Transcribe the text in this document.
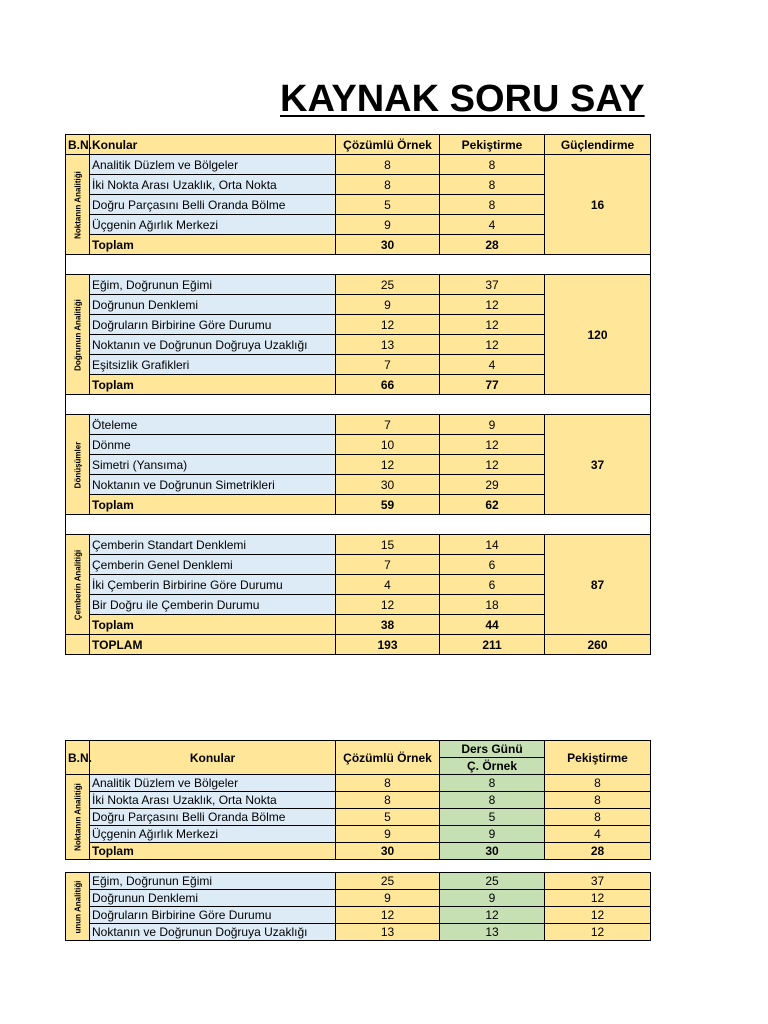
KAYNAK SORU SAY
B.N.	Konular	Çözümlü Örnek	Pekiştirme	Güçlendirme

Noktanın Analitiği	Analitik Düzlem ve Bölgeler	8	8	16
	İki Nokta Arası Uzaklık, Orta Nokta	8	8	
	Doğru Parçasını Belli Oranda Bölme	5	8	
	Üçgenin Ağırlık Merkezi	9	4	
	Toplam	30	28	

Doğrunun Analitiği	Eğim, Doğrunun Eğimi	25	37	120
	Doğrunun Denklemi	9	12	
	Doğruların Birbirine Göre Durumu	12	12	
	Noktanın ve Doğrunun Doğruya Uzaklığı	13	12	
	Eşitsizlik Grafikleri	7	4	
	Toplam	66	77	

Dönüşümler	Öteleme	7	9	37
	Dönme	10	12	
	Simetri (Yansıma)	12	12	
	Noktanın ve Doğrunun Simetrikleri	30	29	
	Toplam	59	62	

Çemberin Analitiği	Çemberin Standart Denklemi	15	14	87
	Çemberin Genel Denklemi	7	6	
	İki Çemberin Birbirine Göre Durumu	4	6	
	Bir Doğru ile Çemberin Durumu	12	18	
	Toplam	38	44	
	TOPLAM	193	211	260
B.N.	Konular	Çözümlü Örnek	Ders Günü	Pekiştirme
			Ç. Örnek	

Noktanın Analitiği	Analitik Düzlem ve Bölgeler	8	8	8
	İki Nokta Arası Uzaklık, Orta Nokta	8	8	8
	Doğru Parçasını Belli Oranda Bölme	5	5	8
	Üçgenin Ağırlık Merkezi	9	9	4
	Toplam	30	30	28

unun Analitiği	Eğim, Doğrunun Eğimi	25	25	37
	Doğrunun Denklemi	9	9	12
	Doğruların Birbirine Göre Durumu	12	12	12
	Noktanın ve Doğrunun Doğruya Uzaklığı	13	13	12
